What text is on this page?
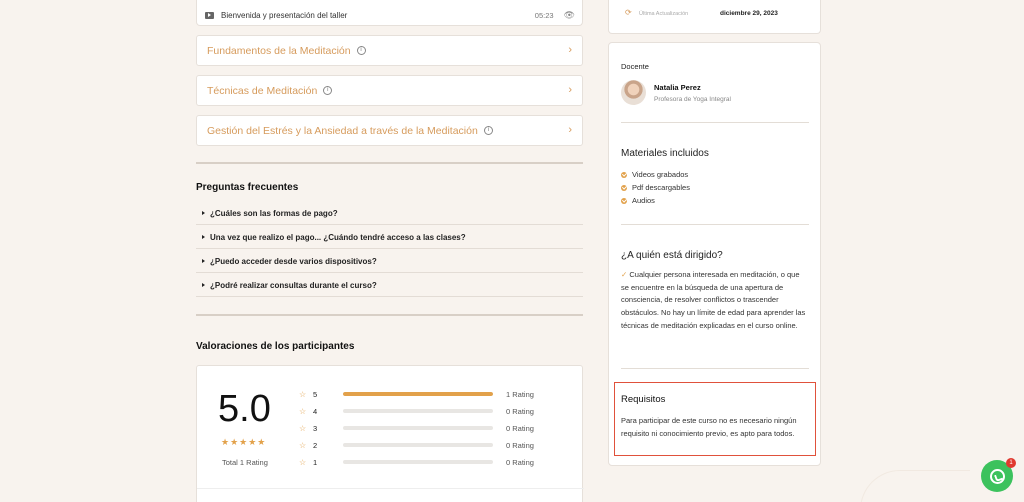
Bienvenida y presentación del taller	05:23 👁
Fundamentos de la Meditación	i	›
Técnicas de Meditación	i	›
Gestión del Estrés y la Ansiedad a través de la Meditación	i	›
Preguntas frecuentes
¿Cuáles son las formas de pago?
Una vez que realizo el pago... ¿Cuándo tendré acceso a las clases?
¿Puedo acceder desde varios dispositivos?
¿Podré realizar consultas durante el curso?
Valoraciones de los participantes
5.0
★★★★★
Total 1 Rating
☆ 5	1 Rating
☆ 4	0 Rating
☆ 3	0 Rating
☆ 2	0 Rating
☆ 1	0 Rating
⟳ Última Actualización	diciembre 29, 2023
Docente
Natalia Perez
Profesora de Yoga Integral
Materiales incluidos
Videos grabados
Pdf descargables
Audios
¿A quién está dirigido?
✓ Cualquier persona interesada en meditación, o que se encuentre en la búsqueda de una apertura de consciencia, de resolver conflictos o trascender obstáculos. No hay un límite de edad para aprender las técnicas de meditación explicadas en el curso online.
Requisitos
Para participar de este curso no es necesario ningún requisito ni conocimiento previo, es apto para todos.
1
